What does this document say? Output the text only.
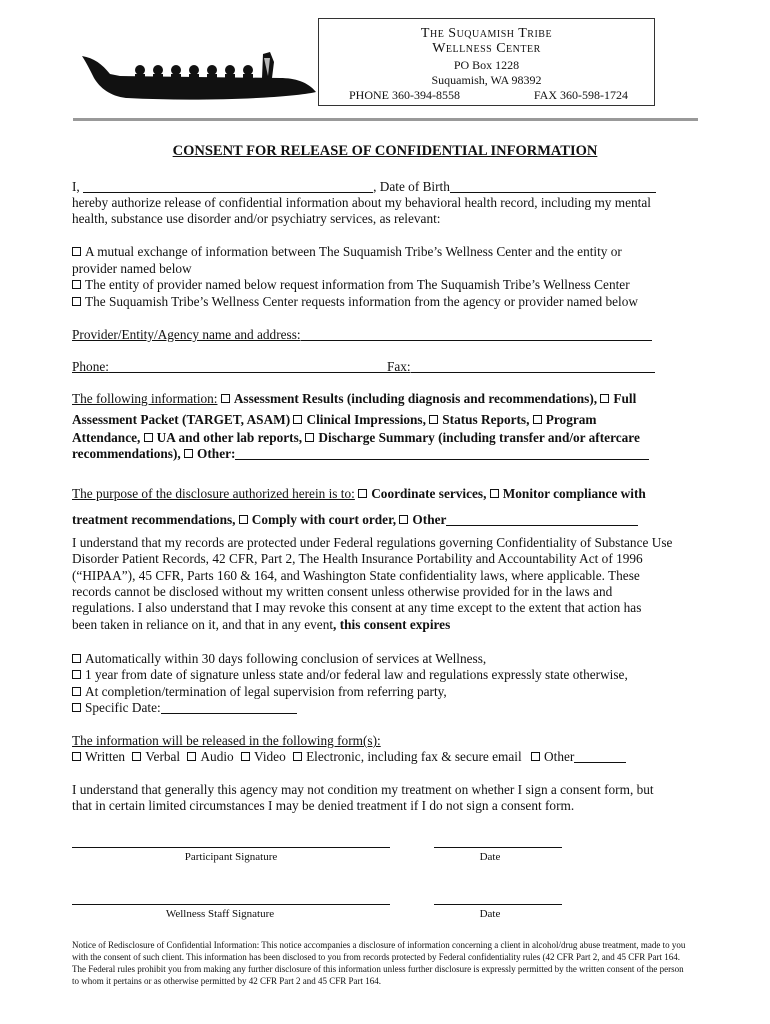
The Suquamish Tribe
Wellness Center
PO Box 1228
Suquamish, WA 98392
PHONE 360-394-8558	FAX 360-598-1724
CONSENT FOR RELEASE OF CONFIDENTIAL INFORMATION
I,	, Date of Birth
hereby authorize release of confidential information about my behavioral health record, including my mental
health, substance use disorder and/or psychiatry services, as relevant:
A mutual exchange of information between The Suquamish Tribe’s Wellness Center and the entity or
provider named below
The entity of provider named below request information from The Suquamish Tribe’s Wellness Center
The Suquamish Tribe’s Wellness Center requests information from the agency or provider named below
Provider/Entity/Agency name and address:
Phone:	Fax:
The following information: Assessment Results (including diagnosis and recommendations), Full
Assessment Packet (TARGET, ASAM) Clinical Impressions, Status Reports, Program
Attendance, UA and other lab reports, Discharge Summary (including transfer and/or aftercare
recommendations), Other:
The purpose of the disclosure authorized herein is to: Coordinate services, Monitor compliance with
treatment recommendations, Comply with court order, Other
I understand that my records are protected under Federal regulations governing Confidentiality of Substance Use
Disorder Patient Records, 42 CFR, Part 2, The Health Insurance Portability and Accountability Act of 1996
(“HIPAA”), 45 CFR, Parts 160 & 164, and Washington State confidentiality laws, where applicable. These
records cannot be disclosed without my written consent unless otherwise provided for in the laws and
regulations. I also understand that I may revoke this consent at any time except to the extent that action has
been taken in reliance on it, and that in any event, this consent expires
Automatically within 30 days following conclusion of services at Wellness,
1 year from date of signature unless state and/or federal law and regulations expressly state otherwise,
At completion/termination of legal supervision from referring party,
Specific Date:
The information will be released in the following form(s):
Written Verbal Audio Video Electronic, including fax & secure email Other
I understand that generally this agency may not condition my treatment on whether I sign a consent form, but
that in certain limited circumstances I may be denied treatment if I do not sign a consent form.
Participant Signature	Date
Wellness Staff Signature	Date
Notice of Redisclosure of Confidential Information: This notice accompanies a disclosure of information concerning a client in alcohol/drug abuse treatment, made to you with the consent of such client. This information has been disclosed to you from records protected by Federal confidentiality rules (42 CFR Part 2, and 45 CFR Part 164. The Federal rules prohibit you from making any further disclosure of this information unless further disclosure is expressly permitted by the written consent of the person to whom it pertains or as otherwise permitted by 42 CFR Part 2 and 45 CFR Part 164.
